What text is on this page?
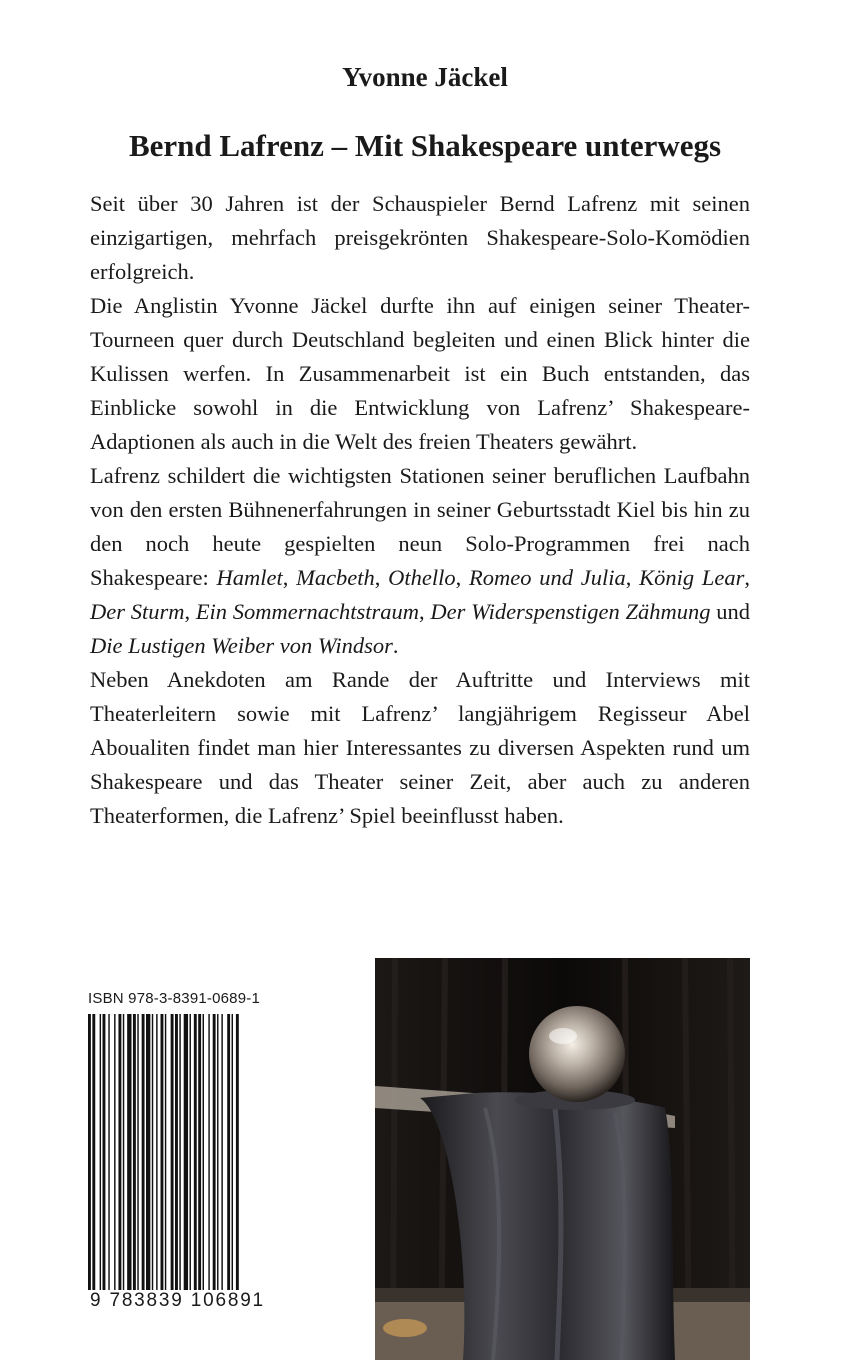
Yvonne Jäckel
Bernd Lafrenz – Mit Shakespeare unterwegs

Seit über 30 Jahren ist der Schauspieler Bernd Lafrenz mit seinen einzigartigen, mehrfach preisgekrönten Shakespeare-Solo-Komödien erfolgreich.

Die Anglistin Yvonne Jäckel durfte ihn auf einigen seiner Theater-Tourneen quer durch Deutschland begleiten und einen Blick hinter die Kulissen werfen. In Zusammenarbeit ist ein Buch entstanden, das Einblicke sowohl in die Entwicklung von Lafrenz’ Shakespeare-Adaptionen als auch in die Welt des freien Theaters gewährt.

Lafrenz schildert die wichtigsten Stationen seiner beruflichen Laufbahn von den ersten Bühnenerfahrungen in seiner Geburtsstadt Kiel bis hin zu den noch heute gespielten neun Solo-Programmen frei nach Shakespeare: Hamlet, Macbeth, Othello, Romeo und Julia, König Lear, Der Sturm, Ein Sommernachtstraum, Der Widerspenstigen Zähmung und Die Lustigen Weiber von Windsor.

Neben Anekdoten am Rande der Auftritte und Interviews mit Theaterleitern sowie mit Lafrenz’ langjährigem Regisseur Abel Aboualiten findet man hier Interessantes zu diversen Aspekten rund um Shakespeare und das Theater seiner Zeit, aber auch zu anderen Theaterformen, die Lafrenz’ Spiel beeinflusst haben.

ISBN 978-3-8391-0689-1
9 783839 106891
